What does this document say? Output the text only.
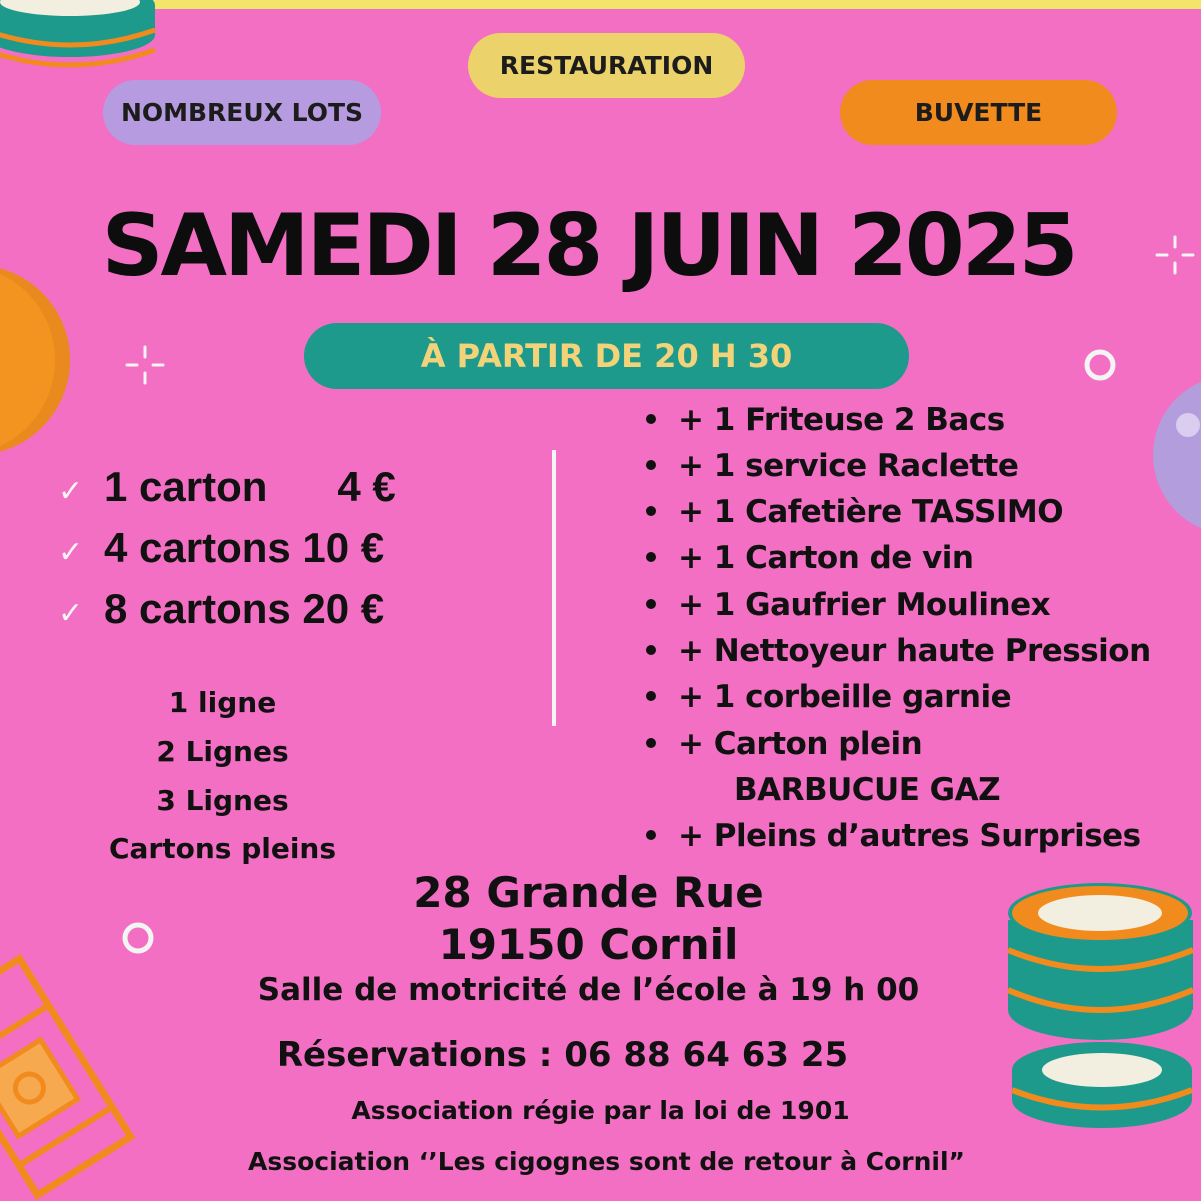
RESTAURATION
NOMBREUX LOTS	BUVETTE
SAMEDI 28 JUIN 2025
À PARTIR DE 20 H 30
✓ 1 carton      4 €
✓ 4 cartons 10 €
✓ 8 cartons 20 €
1 ligne
2 Lignes
3 Lignes
Cartons pleins
+ 1 Friteuse 2 Bacs
+ 1 service Raclette
+ 1 Cafetière TASSIMO
+ 1 Carton de vin
+ 1 Gaufrier Moulinex
+ Nettoyeur haute Pression
+ 1 corbeille garnie
+ Carton plein
BARBUCUE GAZ
+ Pleins d’autres Surprises
28 Grande Rue
19150 Cornil
Salle de motricité de l’école à 19 h 00
Réservations : 06 88 64 63 25
Association régie par la loi de 1901
Association ‘’Les cigognes sont de retour à Cornil”
